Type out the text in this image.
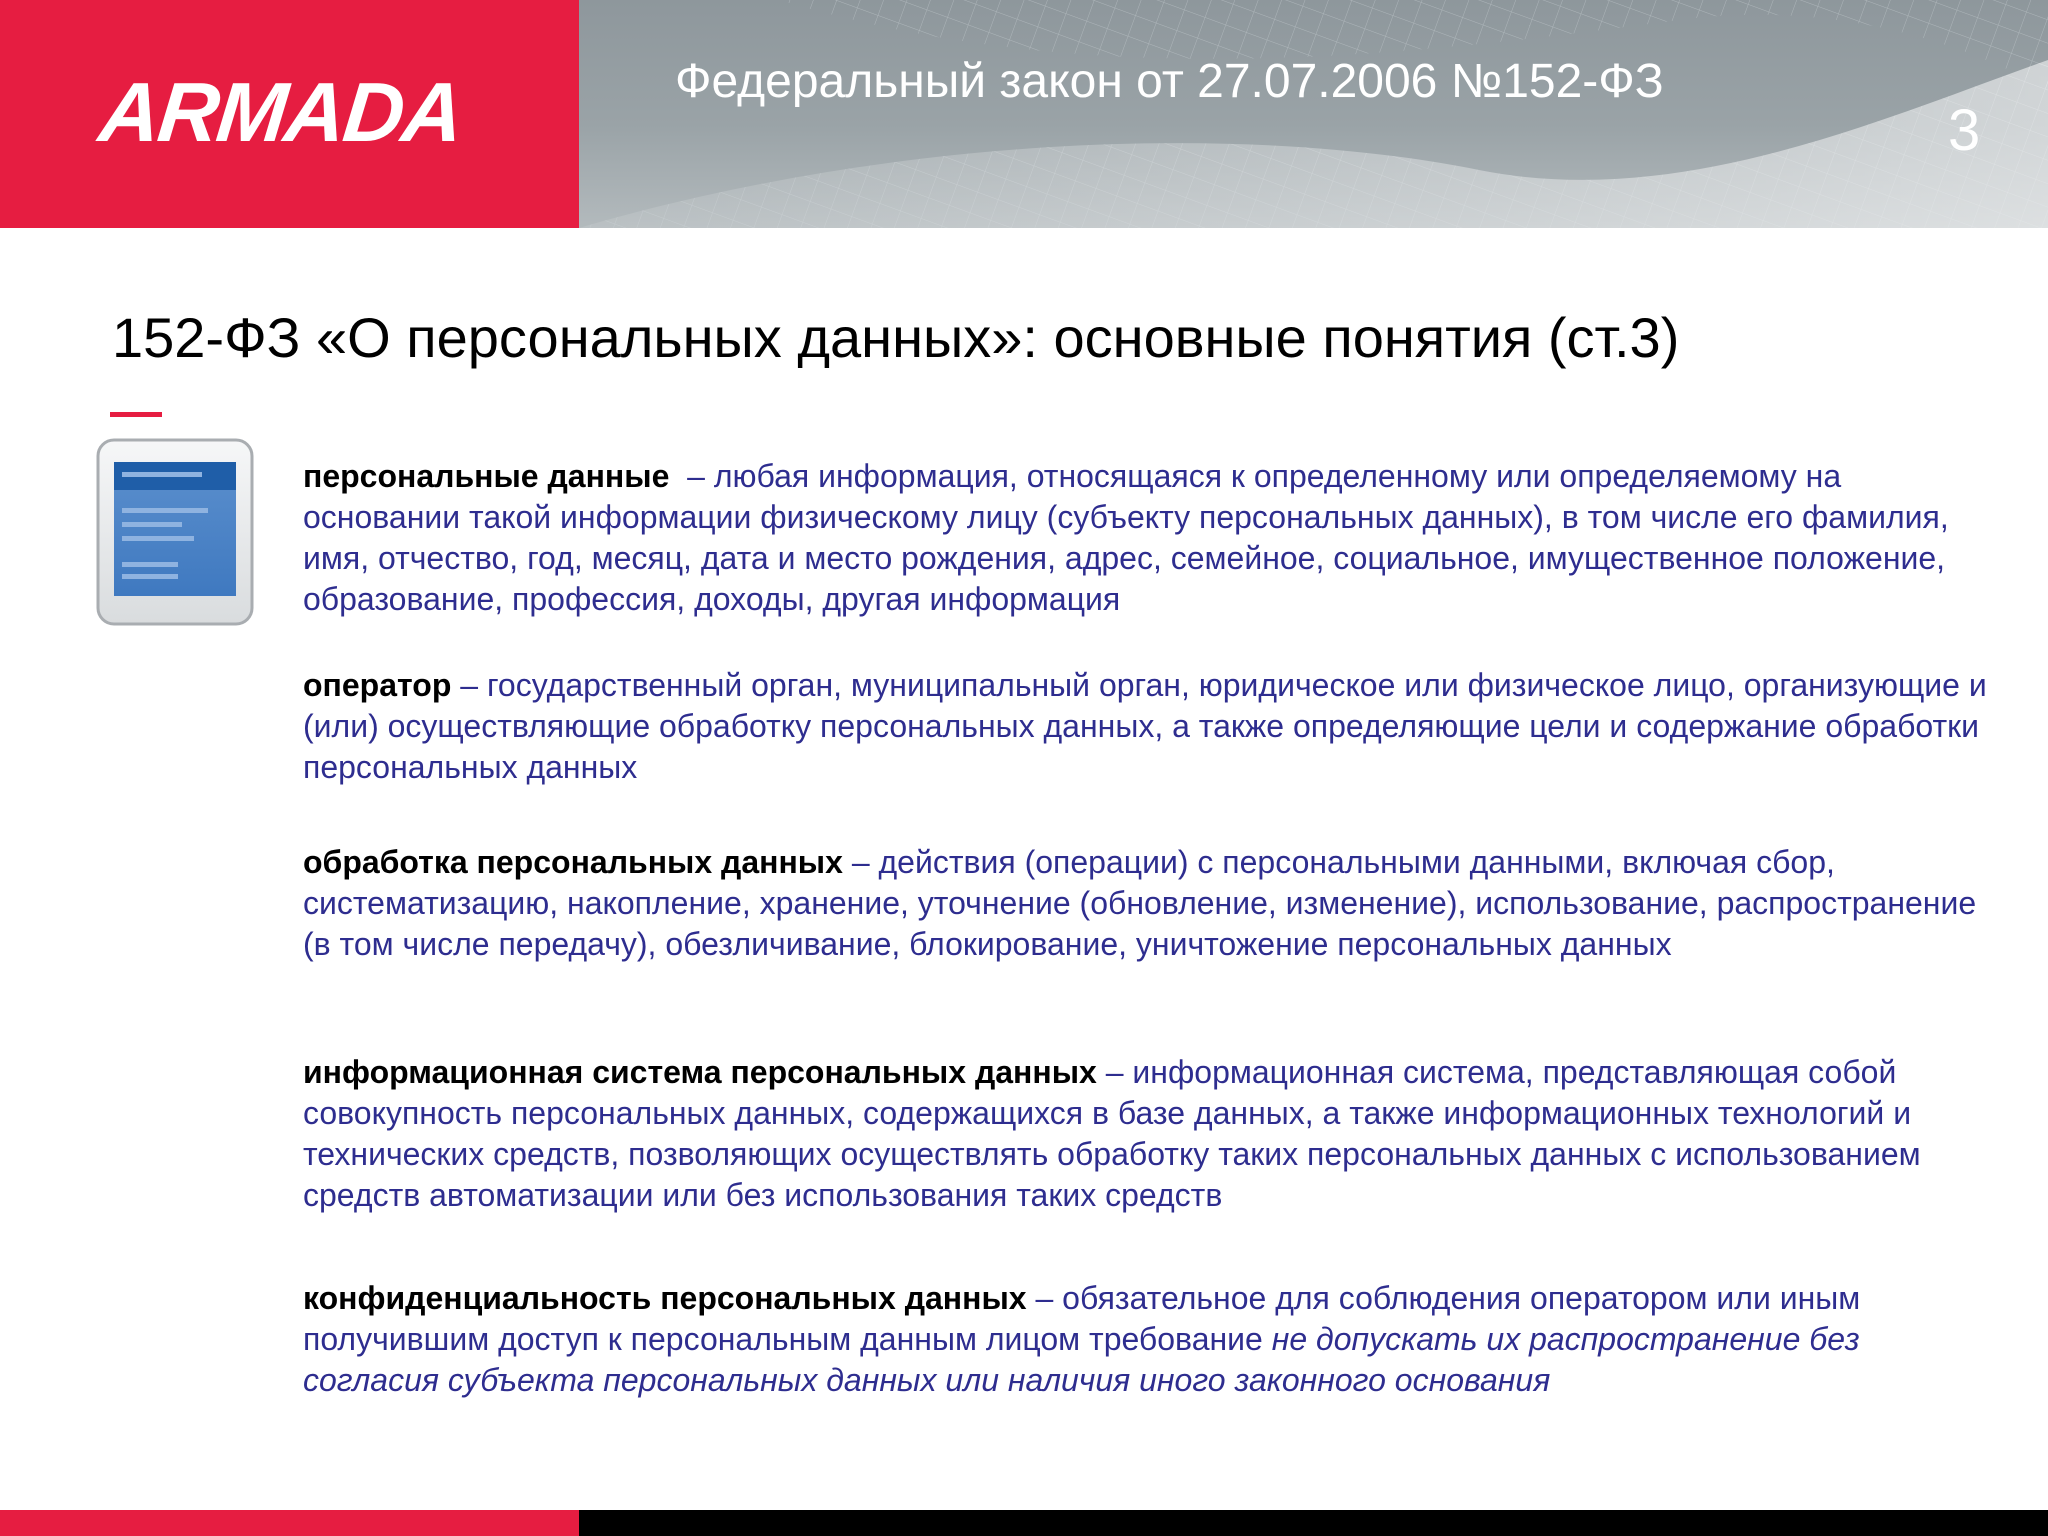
ARMADA	Федеральный закон от 27.07.2006 №152-ФЗ
3
152-ФЗ «О персональных данных»: основные понятия (ст.3)
персональные данные  – любая информация, относящаяся к определенному или определяемому на основании такой информации физическому лицу (субъекту персональных данных), в том числе его фамилия, имя, отчество, год, месяц, дата и место рождения, адрес, семейное, социальное, имущественное положение, образование, профессия, доходы, другая информация
оператор – государственный орган, муниципальный орган, юридическое или физическое лицо, организующие и (или) осуществляющие обработку персональных данных, а также определяющие цели и содержание обработки персональных данных
обработка персональных данных – действия (операции) с персональными данными, включая сбор, систематизацию, накопление, хранение, уточнение (обновление, изменение), использование, распространение (в том числе передачу), обезличивание, блокирование, уничтожение персональных данных
информационная система персональных данных – информационная система, представляющая собой совокупность персональных данных, содержащихся в базе данных, а также информационных технологий и технических средств, позволяющих осуществлять обработку таких персональных данных с использованием средств автоматизации или без использования таких средств
конфиденциальность персональных данных – обязательное для соблюдения оператором или иным получившим доступ к персональным данным лицом требование не допускать их распространение без согласия субъекта персональных данных или наличия иного законного основания
